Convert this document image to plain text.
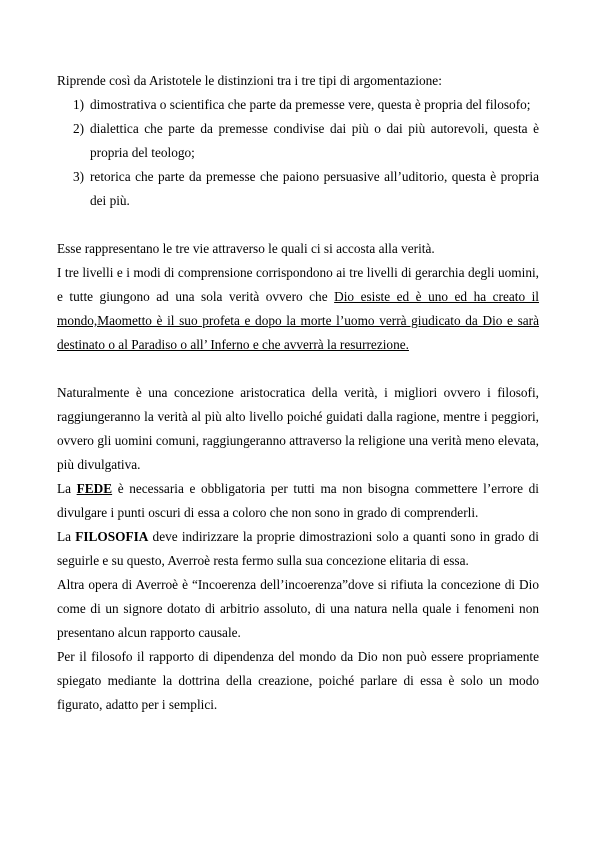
Riprende così da Aristotele le distinzioni tra i tre tipi di argomentazione:

1) dimostrativa o scientifica che parte da premesse vere, questa è propria del filosofo;
2) dialettica che parte da premesse condivise dai più o dai più autorevoli, questa è propria del teologo;
3) retorica che parte da premesse che paiono persuasive all’uditorio, questa è propria dei più.

Esse rappresentano le tre vie attraverso le quali ci si accosta alla verità.

I tre livelli e i modi di comprensione corrispondono ai tre livelli di gerarchia degli uomini, e tutte giungono ad una sola verità ovvero che Dio esiste ed è uno ed ha creato il mondo,Maometto è il suo profeta e dopo la morte l’uomo verrà giudicato da Dio e sarà destinato o al Paradiso o all’ Inferno e che avverrà la resurrezione.

Naturalmente è una concezione aristocratica della verità, i migliori ovvero i filosofi, raggiungeranno la verità al più alto livello poiché guidati dalla ragione, mentre i peggiori, ovvero gli uomini comuni, raggiungeranno attraverso la religione una verità meno elevata, più divulgativa.

La FEDE è necessaria e obbligatoria per tutti ma non bisogna commettere l’errore di divulgare i punti oscuri di essa a coloro che non sono in grado di comprenderli.

La FILOSOFIA deve indirizzare la proprie dimostrazioni solo a quanti sono in grado di seguirle e su questo, Averroè resta fermo sulla sua concezione elitaria di essa.

Altra opera di Averroè è “Incoerenza dell’incoerenza”dove si rifiuta la concezione di Dio come di un signore dotato di arbitrio assoluto, di una natura nella quale i fenomeni non presentano alcun rapporto causale.

Per il filosofo il rapporto di dipendenza del mondo da Dio non può essere propriamente spiegato mediante la dottrina della creazione, poiché parlare di essa è solo un modo figurato, adatto per i semplici.
